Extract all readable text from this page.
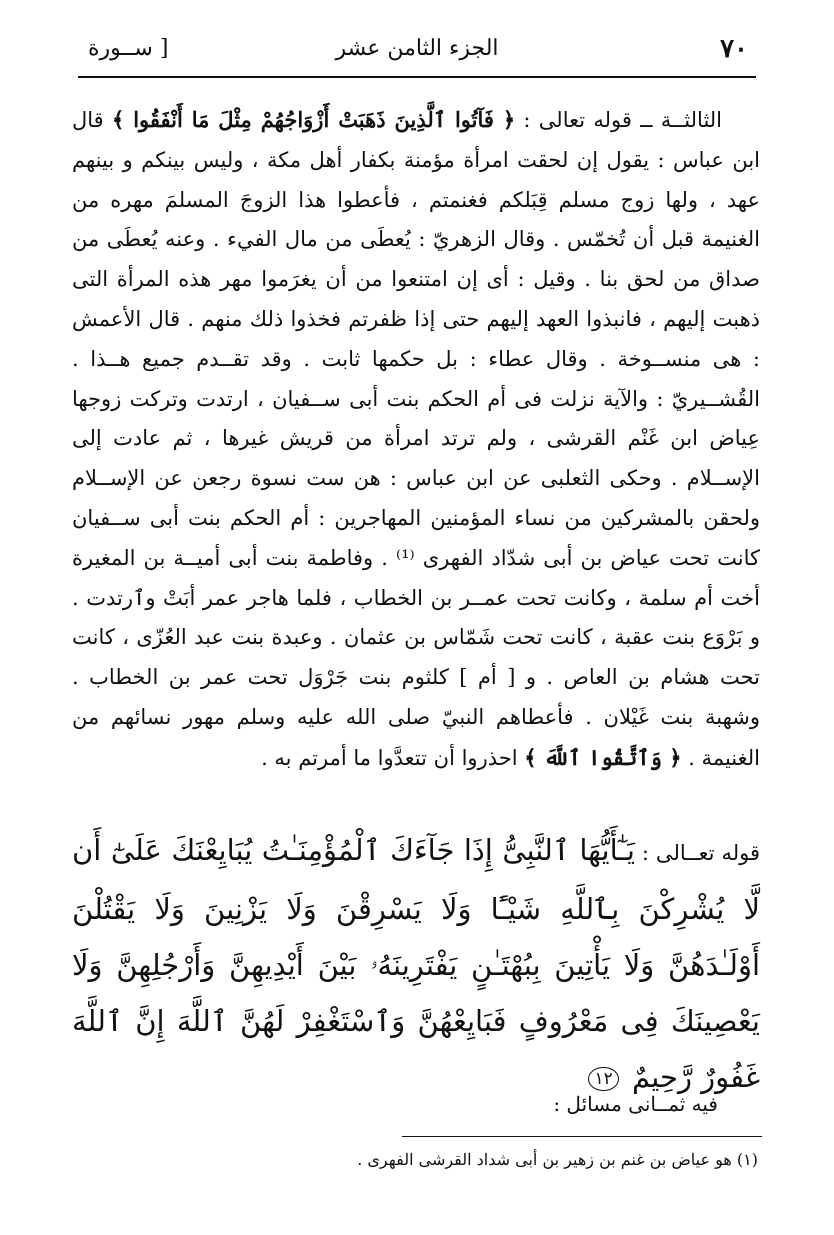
٧٠
الجزء الثامن عشر
[ ســورة

الثالثــة ــ قوله تعالى : ﴿ فَآتُوا ٱلَّذِينَ ذَهَبَتْ أَزْوَاجُهُمْ مِثْلَ مَا أَنْفَقُوا ﴾ قال ابن عباس : يقول إن لحقت امرأة مؤمنة بكفار أهل مكة ، وليس بينكم و بينهم عهد ، ولها زوج مسلم قِبَلكم فغنمتم ، فأعطوا هذا الزوجَ المسلمَ مهره من الغنيمة قبل أن تُخمّس . وقال الزهريّ : يُعطَى من مال الفيء . وعنه يُعطَى من صداق من لحق بنا . وقيل : أى إن امتنعوا من أن يغرَموا مهر هذه المرأة التى ذهبت إليهم ، فانبذوا العهد إليهم حتى إذا ظفرتم فخذوا ذلك منهم . قال الأعمش : هى منســوخة . وقال عطاء : بل حكمها ثابت . وقد تقــدم جميع هــذا . القُشــيريّ : والآية نزلت فى أم الحكم بنت أبى ســفيان ، ارتدت وتركت زوجها عِياض ابن غَنْم القرشى ، ولم ترتد امرأة من قريش غيرها ، ثم عادت إلى الإســلام . وحكى الثعلبى عن ابن عباس : هن ست نسوة رجعن عن الإســلام ولحقن بالمشركين من نساء المؤمنين المهاجرين : أم الحكم بنت أبى ســفيان كانت تحت عياض بن أبى شدّاد الفهرى ⁽¹⁾ . وفاطمة بنت أبى أميــة بن المغيرة أخت أم سلمة ، وكانت تحت عمــر بن الخطاب ، فلما هاجر عمر أبَتْ وٱرتدت . و بَرْوَع بنت عقبة ، كانت تحت شَمّاس بن عثمان . وعبدة بنت عبد العُزّى ، كانت تحت هشام بن العاص . و [ أم ] كلثوم بنت جَرْوَل تحت عمر بن الخطاب . وشهبة بنت غَيْلان . فأعطاهم النبيّ صلى الله عليه وسلم مهور نسائهم من الغنيمة . ﴿ وَٱتَّقُوا ٱللَّهَ ﴾ احذروا أن تتعدَّوا ما أمرتم به .

قوله تعــالى : يَـٰٓأَيُّهَا ٱلنَّبِىُّ إِذَا جَآءَكَ ٱلْمُؤْمِنَـٰتُ يُبَايِعْنَكَ عَلَىٰٓ أَن لَّا يُشْرِكْنَ بِٱللَّهِ شَيْـًٔا وَلَا يَسْرِقْنَ وَلَا يَزْنِينَ وَلَا يَقْتُلْنَ أَوْلَـٰدَهُنَّ وَلَا يَأْتِينَ بِبُهْتَـٰنٍ يَفْتَرِينَهُۥ بَيْنَ أَيْدِيهِنَّ وَأَرْجُلِهِنَّ وَلَا يَعْصِينَكَ فِى مَعْرُوفٍ فَبَايِعْهُنَّ وَٱسْتَغْفِرْ لَهُنَّ ٱللَّهَ إِنَّ ٱللَّهَ غَفُورٌ رَّحِيمٌ ١٢
فيه ثمــانى مسائل :
(١) هو عياض بن غنم بن زهير بن أبى شداد القرشى الفهرى .
